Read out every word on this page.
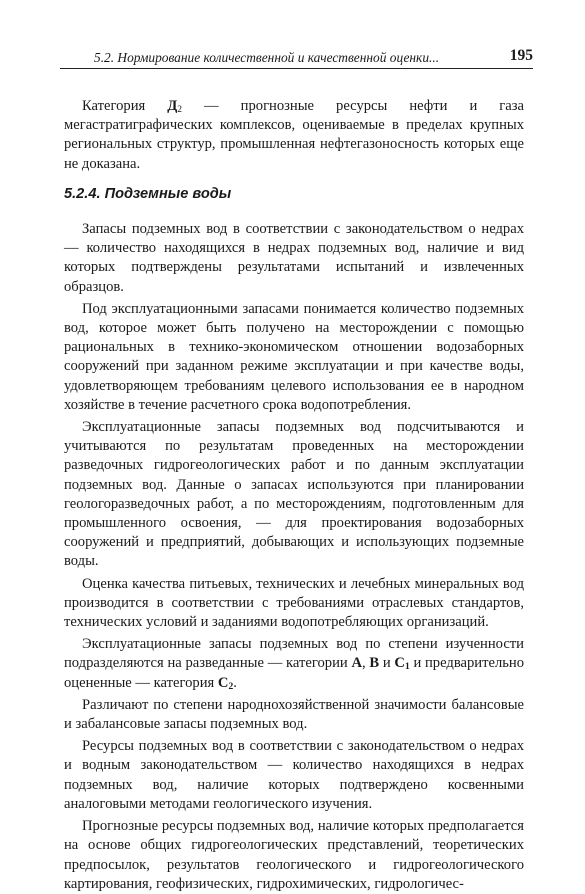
5.2. Нормирование количественной и качественной оценки...	195

Категория $Д_2$ — прогнозные ресурсы нефти и газа мегастратиграфических комплексов, оцениваемые в пределах крупных региональных структур, промышленная нефтегазоносность которых еще не доказана.

5.2.4. Подземные воды

Запасы подземных вод в соответствии с законодательством о недрах — количество находящихся в недрах подземных вод, наличие и вид которых подтверждены результатами испытаний и извлеченных образцов.

Под эксплуатационными запасами понимается количество подземных вод, которое может быть получено на месторождении с помощью рациональных в технико-экономическом отношении водозаборных сооружений при заданном режиме эксплуатации и при качестве воды, удовлетворяющем требованиям целевого использования ее в народном хозяйстве в течение расчетного срока водопотребления.

Эксплуатационные запасы подземных вод подсчитываются и учитываются по результатам проведенных на месторождении разведочных гидрогеологических работ и по данным эксплуатации подземных вод. Данные о запасах используются при планировании геологоразведочных работ, а по месторождениям, подготовленным для промышленного освоения, — для проектирования водозаборных сооружений и предприятий, добывающих и использующих подземные воды.

Оценка качества питьевых, технических и лечебных минеральных вод производится в соответствии с требованиями отраслевых стандартов, технических условий и заданиями водопотребляющих организаций.

Эксплуатационные запасы подземных вод по степени изученности подразделяются на разведанные — категории А, В и $С_1$ и предварительно оцененные — категория $С_2$.

Различают по степени народнохозяйственной значимости балансовые и забалансовые запасы подземных вод.

Ресурсы подземных вод в соответствии с законодательством о недрах и водным законодательством — количество находящихся в недрах подземных вод, наличие которых подтверждено косвенными аналоговыми методами геологического изучения.

Прогнозные ресурсы подземных вод, наличие которых предполагается на основе общих гидрогеологических представлений, теоретических предпосылок, результатов геологического и гидрогеологического картирования, геофизических, гидрохимических, гидрологичес-
